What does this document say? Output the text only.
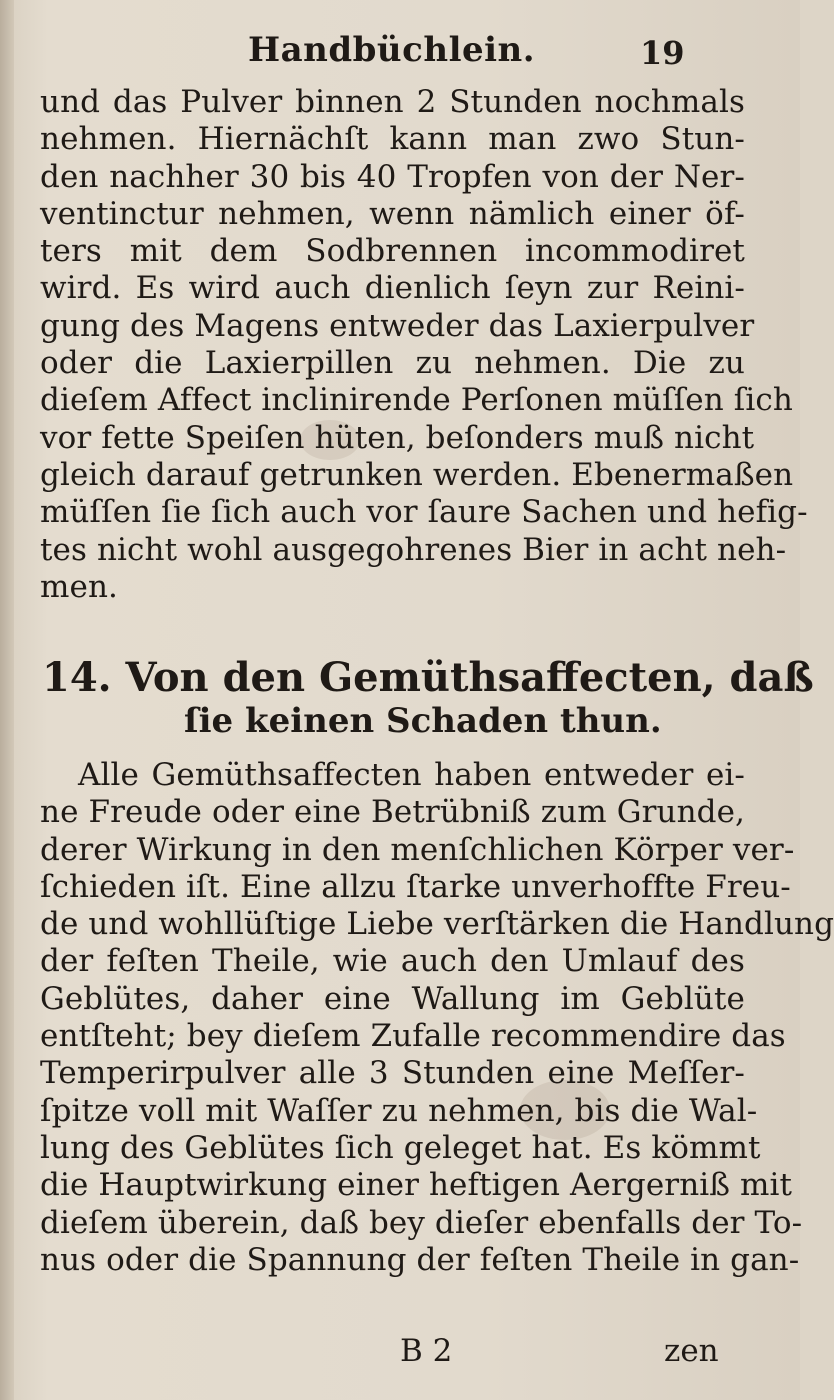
Handbüchlein.	19
und das Pulver binnen 2 Stunden nochmals
nehmen. Hiernächſt kann man zwo Stun-
den nachher 30 bis 40 Tropfen von der Ner-
ventinctur nehmen, wenn nämlich einer öf-
ters mit dem Sodbrennen incommodiret
wird. Es wird auch dienlich ſeyn zur Reini-
gung des Magens entweder das Laxierpulver
oder die Laxierpillen zu nehmen. Die zu
dieſem Affect inclinirende Perſonen müſſen ſich
vor fette Speiſen hüten, beſonders muß nicht
gleich darauf getrunken werden. Ebenermaßen
müſſen ſie ſich auch vor ſaure Sachen und hefig-
tes nicht wohl ausgegohrenes Bier in acht neh-
men.
14. Von den Gemüthsaffecten, daß
ſie keinen Schaden thun.
Alle Gemüthsaffecten haben entweder ei-
ne Freude oder eine Betrübniß zum Grunde,
derer Wirkung in den menſchlichen Körper ver-
ſchieden iſt. Eine allzu ſtarke unverhoffte Freu-
de und wohllüſtige Liebe verſtärken die Handlung
der feſten Theile, wie auch den Umlauf des
Geblütes, daher eine Wallung im Geblüte
entſteht; bey dieſem Zufalle recommendire das
Temperirpulver alle 3 Stunden eine Meſſer-
ſpitze voll mit Waſſer zu nehmen, bis die Wal-
lung des Geblütes ſich geleget hat. Es kömmt
die Hauptwirkung einer heftigen Aergerniß mit
dieſem überein, daß bey dieſer ebenfalls der To-
nus oder die Spannung der feſten Theile in gan-
B 2	zen
